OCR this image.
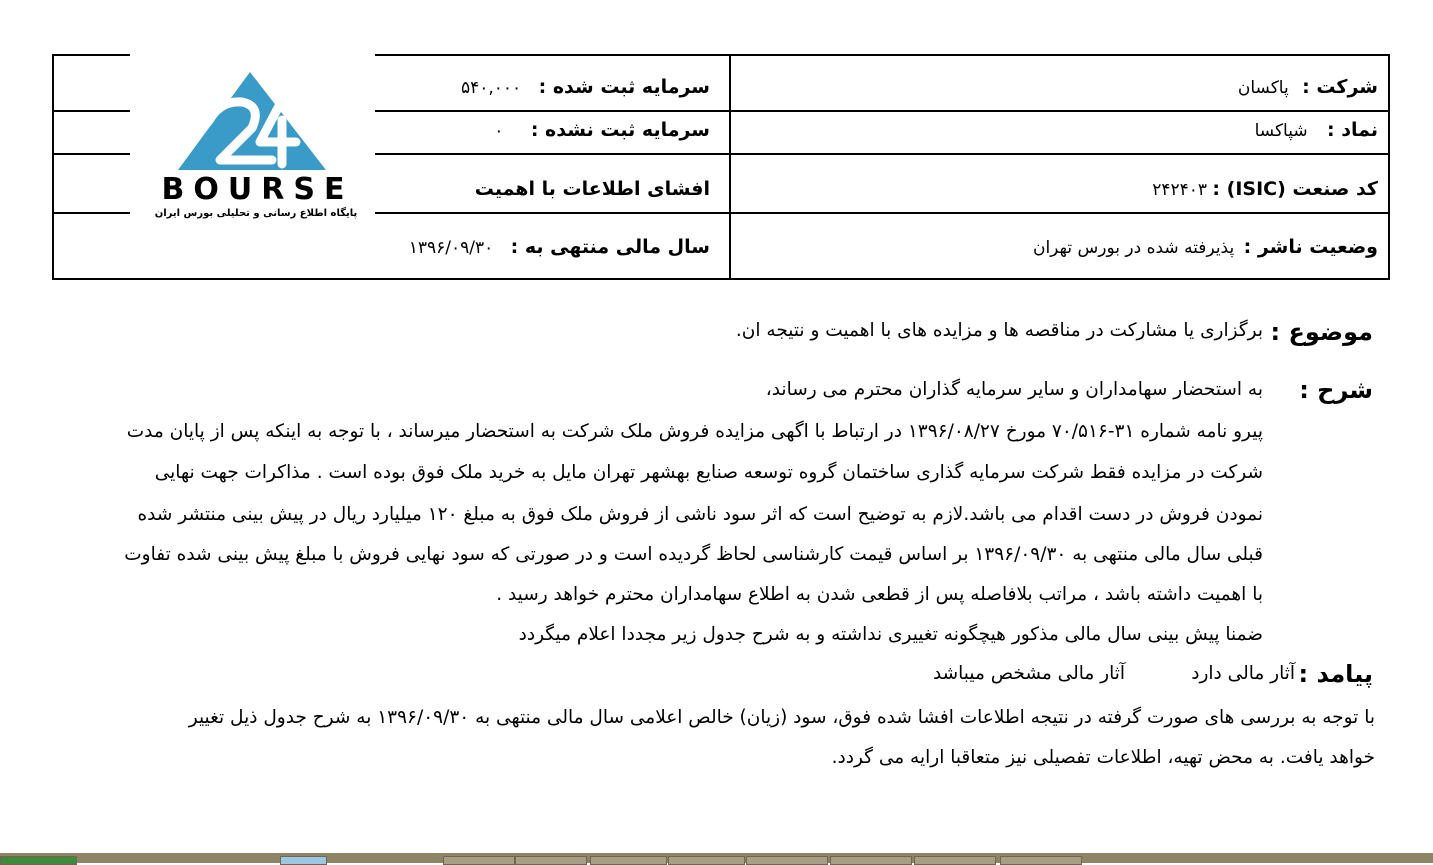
شرکت : پاکسان
نماد : شپاکسا
کد صنعت (ISIC) : ۲۴۲۴۰۳
وضعیت ناشر : پذیرفته شده در بورس تهران
سرمایه ثبت شده : ۵۴۰,۰۰۰
سرمایه ثبت نشده : ۰
افشای اطلاعات با اهمیت
سال مالی منتهی به : ۱۳۹۶/۰۹/۳۰
BOURSE
پایگاه اطلاع رسانی و تحلیلی بورس ایران
موضوع :
برگزاری یا مشارکت در مناقصه ها و مزایده های با اهمیت و نتیجه ان.
شرح :
به استحضار سهامداران و سایر سرمایه گذاران محترم می رساند،
پیرو نامه شماره ۳۱-۷۰/۵۱۶ مورخ ۱۳۹۶/۰۸/۲۷ در ارتباط با اگهی مزایده فروش ملک شرکت به استحضار میرساند ، با توجه به اینکه پس از پایان مدت
شرکت در مزایده فقط شرکت سرمایه گذاری ساختمان گروه توسعه صنایع بهشهر تهران مایل به خرید ملک فوق بوده است . مذاکرات جهت نهایی
نمودن فروش در دست اقدام می باشد.لازم به توضیح است که اثر سود ناشی از فروش ملک فوق به مبلغ ۱۲۰ میلیارد ریال در پیش بینی منتشر شده
قبلی سال مالی منتهی به ۱۳۹۶/۰۹/۳۰ بر اساس قیمت کارشناسی لحاظ گردیده است و در صورتی که سود نهایی فروش با مبلغ پیش بینی شده تفاوت
با اهمیت داشته باشد ، مراتب بلافاصله پس از قطعی شدن به اطلاع سهامداران محترم خواهد رسید .
ضمنا پیش بینی سال مالی مذکور هیچگونه تغییری نداشته و به شرح جدول زیر مجددا اعلام میگردد
پیامد :
آثار مالی دارد
آثار مالی مشخص میباشد
با توجه به بررسی های صورت گرفته در نتیجه اطلاعات افشا شده فوق، سود (زیان) خالص اعلامی سال مالی منتهی به ۱۳۹۶/۰۹/۳۰ به شرح جدول ذیل تغییر
خواهد یافت. به محض تهیه، اطلاعات تفصیلی نیز متعاقبا ارایه می گردد.
